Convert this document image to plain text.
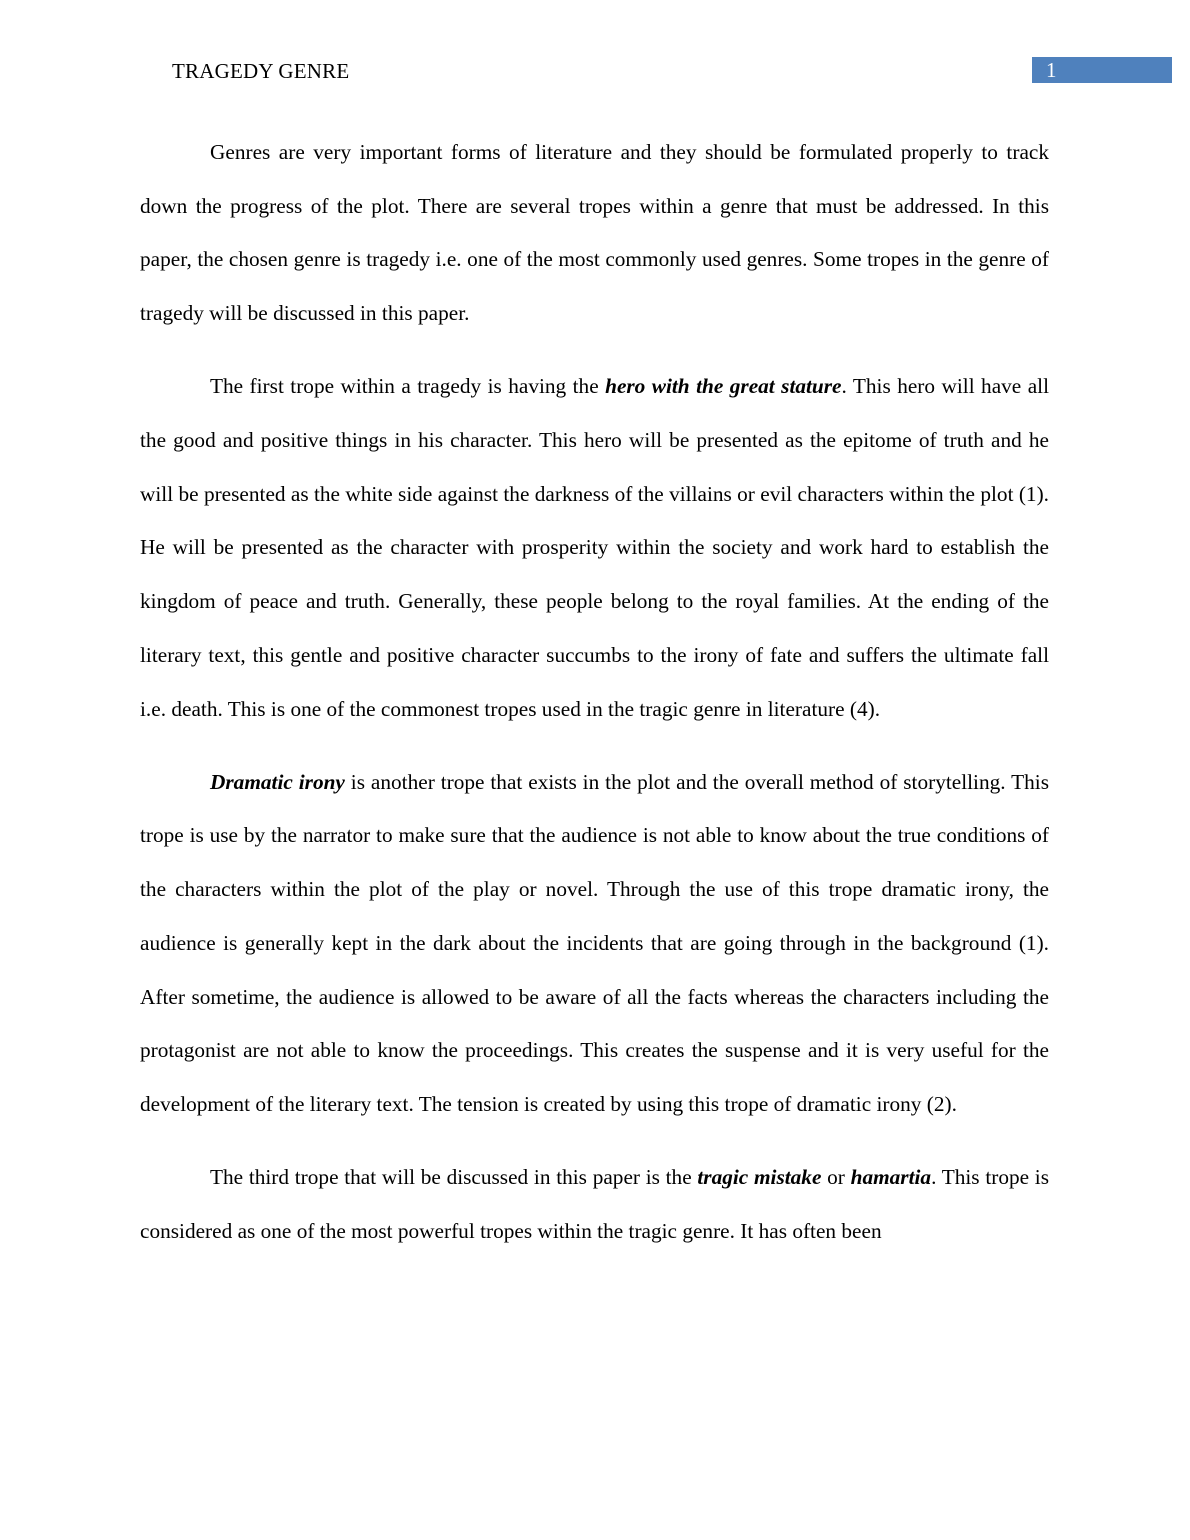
TRAGEDY GENRE	1

Genres are very important forms of literature and they should be formulated properly to track down the progress of the plot. There are several tropes within a genre that must be addressed. In this paper, the chosen genre is tragedy i.e. one of the most commonly used genres. Some tropes in the genre of tragedy will be discussed in this paper.

The first trope within a tragedy is having the hero with the great stature. This hero will have all the good and positive things in his character. This hero will be presented as the epitome of truth and he will be presented as the white side against the darkness of the villains or evil characters within the plot (1). He will be presented as the character with prosperity within the society and work hard to establish the kingdom of peace and truth. Generally, these people belong to the royal families. At the ending of the literary text, this gentle and positive character succumbs to the irony of fate and suffers the ultimate fall i.e. death. This is one of the commonest tropes used in the tragic genre in literature (4).

Dramatic irony is another trope that exists in the plot and the overall method of storytelling. This trope is use by the narrator to make sure that the audience is not able to know about the true conditions of the characters within the plot of the play or novel. Through the use of this trope dramatic irony, the audience is generally kept in the dark about the incidents that are going through in the background (1). After sometime, the audience is allowed to be aware of all the facts whereas the characters including the protagonist are not able to know the proceedings. This creates the suspense and it is very useful for the development of the literary text. The tension is created by using this trope of dramatic irony (2).

The third trope that will be discussed in this paper is the tragic mistake or hamartia. This trope is considered as one of the most powerful tropes within the tragic genre. It has often been
